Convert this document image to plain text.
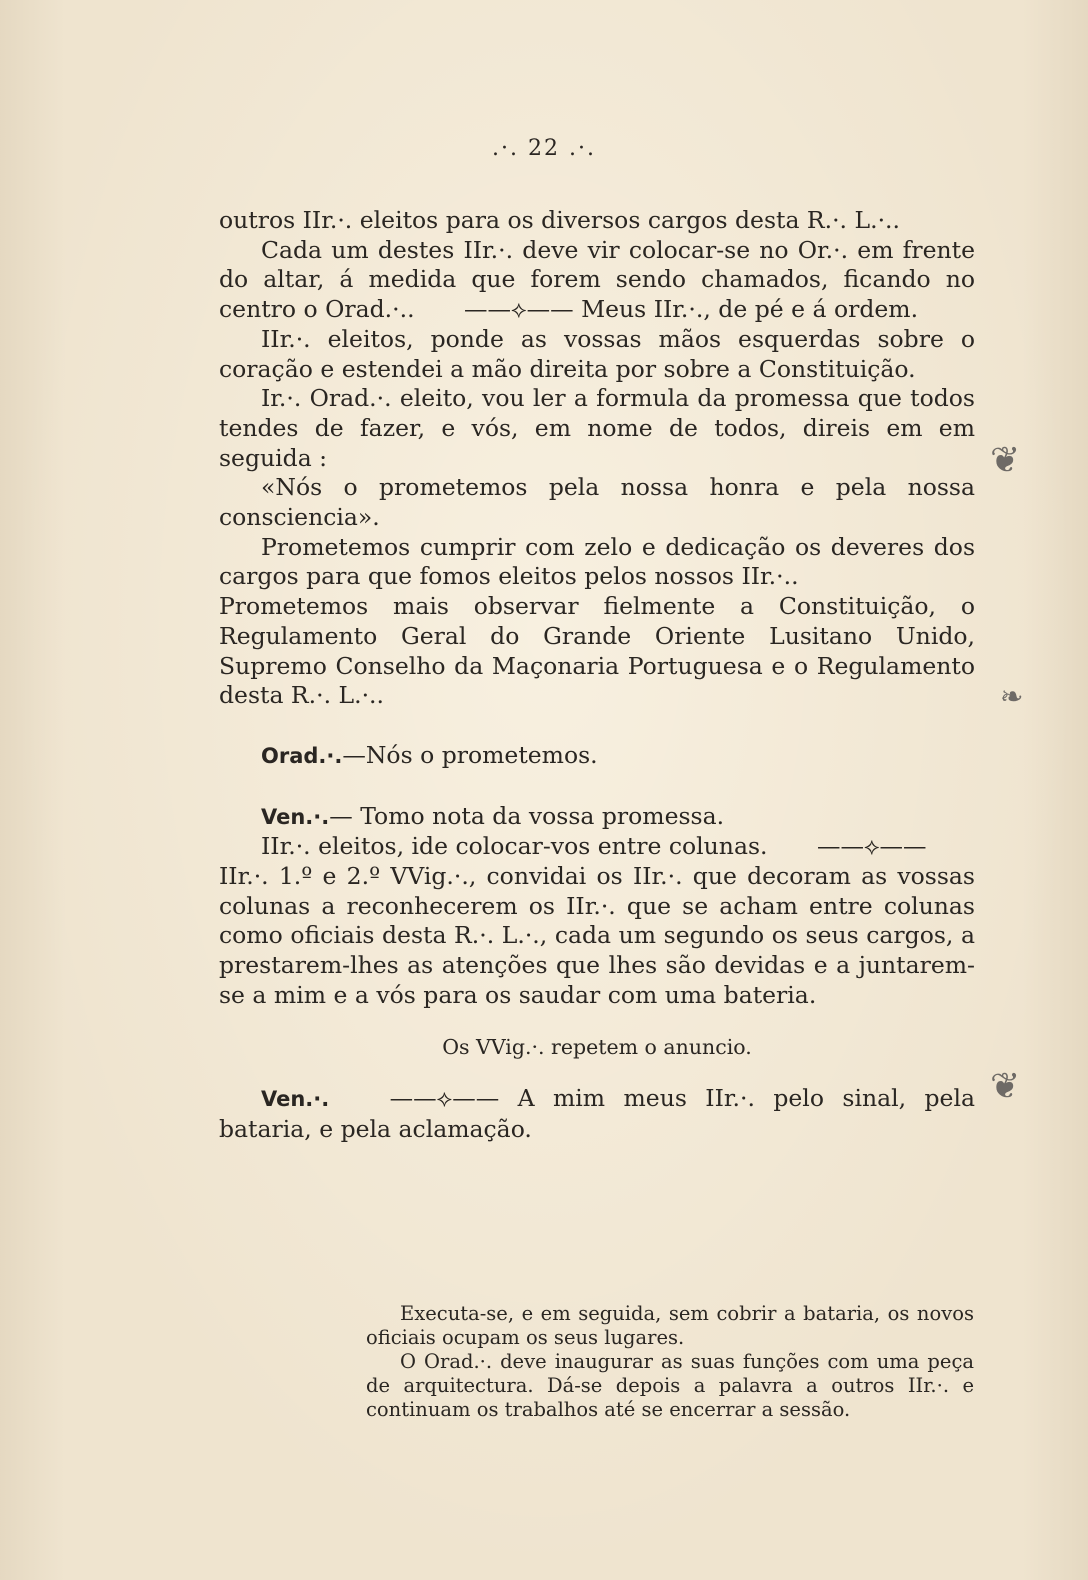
.·. 22 .·.

outros IIr.·. eleitos para os diversos cargos desta R.·. L.·..

Cada um destes IIr.·. deve vir colocar-se no Or.·. em frente do altar, á medida que forem sendo chamados, ficando no centro o Orad.·.. ——⟡—— Meus IIr.·., de pé e á ordem.

IIr.·. eleitos, ponde as vossas mãos esquerdas sobre o coração e estendei a mão direita por sobre a Constituição.

Ir.·. Orad.·. eleito, vou ler a formula da promessa que todos tendes de fazer, e vós, em nome de todos, direis em em seguida :

«Nós o prometemos pela nossa honra e pela nossa consciencia».

Prometemos cumprir com zelo e dedicação os deveres dos cargos para que fomos eleitos pelos nossos IIr.·..

Prometemos mais observar fielmente a Constituição, o Regulamento Geral do Grande Oriente Lusitano Unido, Supremo Conselho da Maçonaria Portuguesa e o Regulamento desta R.·. L.·..

Orad.·.—Nós o prometemos.

Ven.·.— Tomo nota da vossa promessa.

IIr.·. eleitos, ide colocar-vos entre colunas. ——⟡——

IIr.·. 1.º e 2.º VVig.·., convidai os IIr.·. que decoram as vossas colunas a reconhecerem os IIr.·. que se acham entre colunas como oficiais desta R.·. L.·., cada um segundo os seus cargos, a prestarem-lhes as atenções que lhes são devidas e a juntarem-se a mim e a vós para os saudar com uma bateria.

Os VVig.·. repetem o anuncio.

Ven.·.	——⟡—— A mim meus IIr.·. pelo sinal, pela bataria, e pela aclamação.

Executa-se, e em seguida, sem cobrir a bataria, os novos oficiais ocupam os seus lugares.

O Orad.·. deve inaugurar as suas funções com uma peça de arquitectura. Dá-se depois a palavra a outros IIr.·. e continuam os trabalhos até se encerrar a sessão.

❦
❧
❦
